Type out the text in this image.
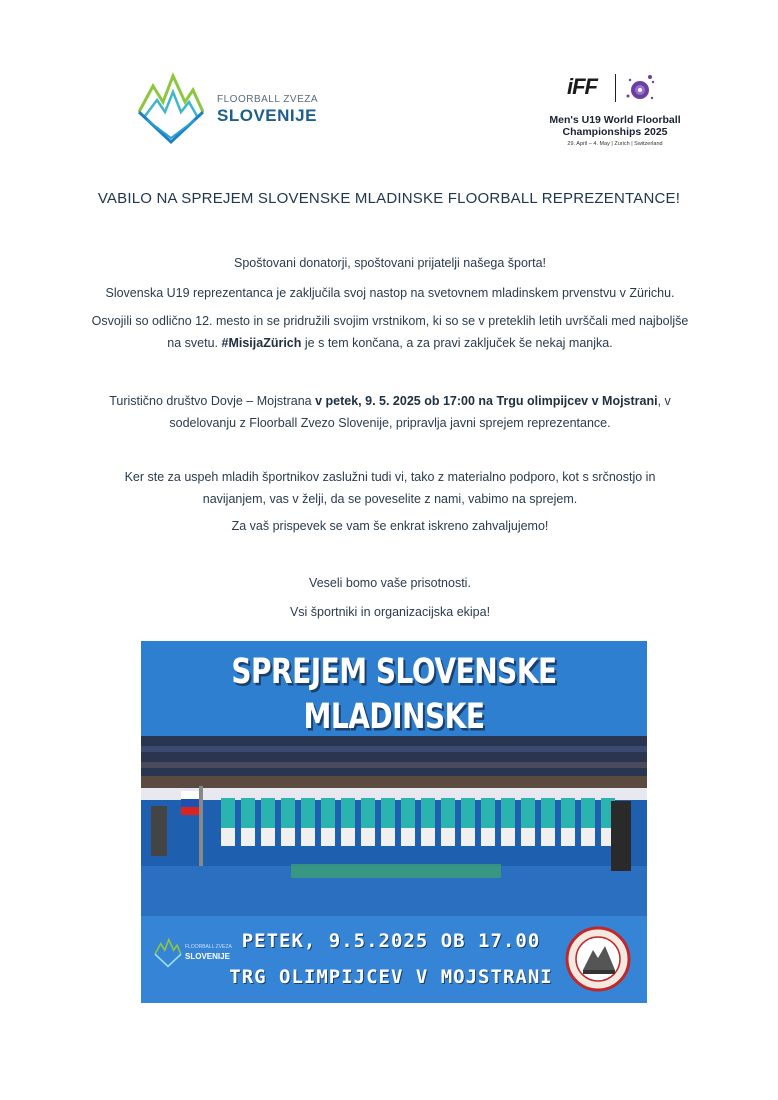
FLOORBALL ZVEZA
SLOVENIJE
iFF
Men's U19 World Floorball
Championships 2025
29. April – 4. May | Zurich | Switzerland
VABILO NA SPREJEM SLOVENSKE MLADINSKE FLOORBALL REPREZENTANCE!
Spoštovani donatorji, spoštovani prijatelji našega športa!
Slovenska U19 reprezentanca je zaključila svoj nastop na svetovnem mladinskem prvenstvu v Zürichu.
Osvojili so odlično 12. mesto in se pridružili svojim vrstnikom, ki so se v preteklih letih uvrščali med najboljše na svetu. #MisijaZürich je s tem končana, a za pravi zaključek še nekaj manjka.
Turistično društvo Dovje – Mojstrana v petek, 9. 5. 2025 ob 17:00 na Trgu olimpijcev v Mojstrani, v sodelovanju z Floorball Zvezo Slovenije, pripravlja javni sprejem reprezentance.
Ker ste za uspeh mladih športnikov zaslužni tudi vi, tako z materialno podporo, kot s srčnostjo in navijanjem, vas v želji, da se poveselite z nami, vabimo na sprejem.
Za vaš prispevek se vam še enkrat iskreno zahvaljujemo!
Veseli bomo vaše prisotnosti.
Vsi športniki in organizacijska ekipa!
SPREJEM SLOVENSKE MLADINSKE
FLOORBALL ZVEZA
SLOVENIJE
PETEK, 9.5.2025 OB 17.00
TRG OLIMPIJCEV V MOJSTRANI
